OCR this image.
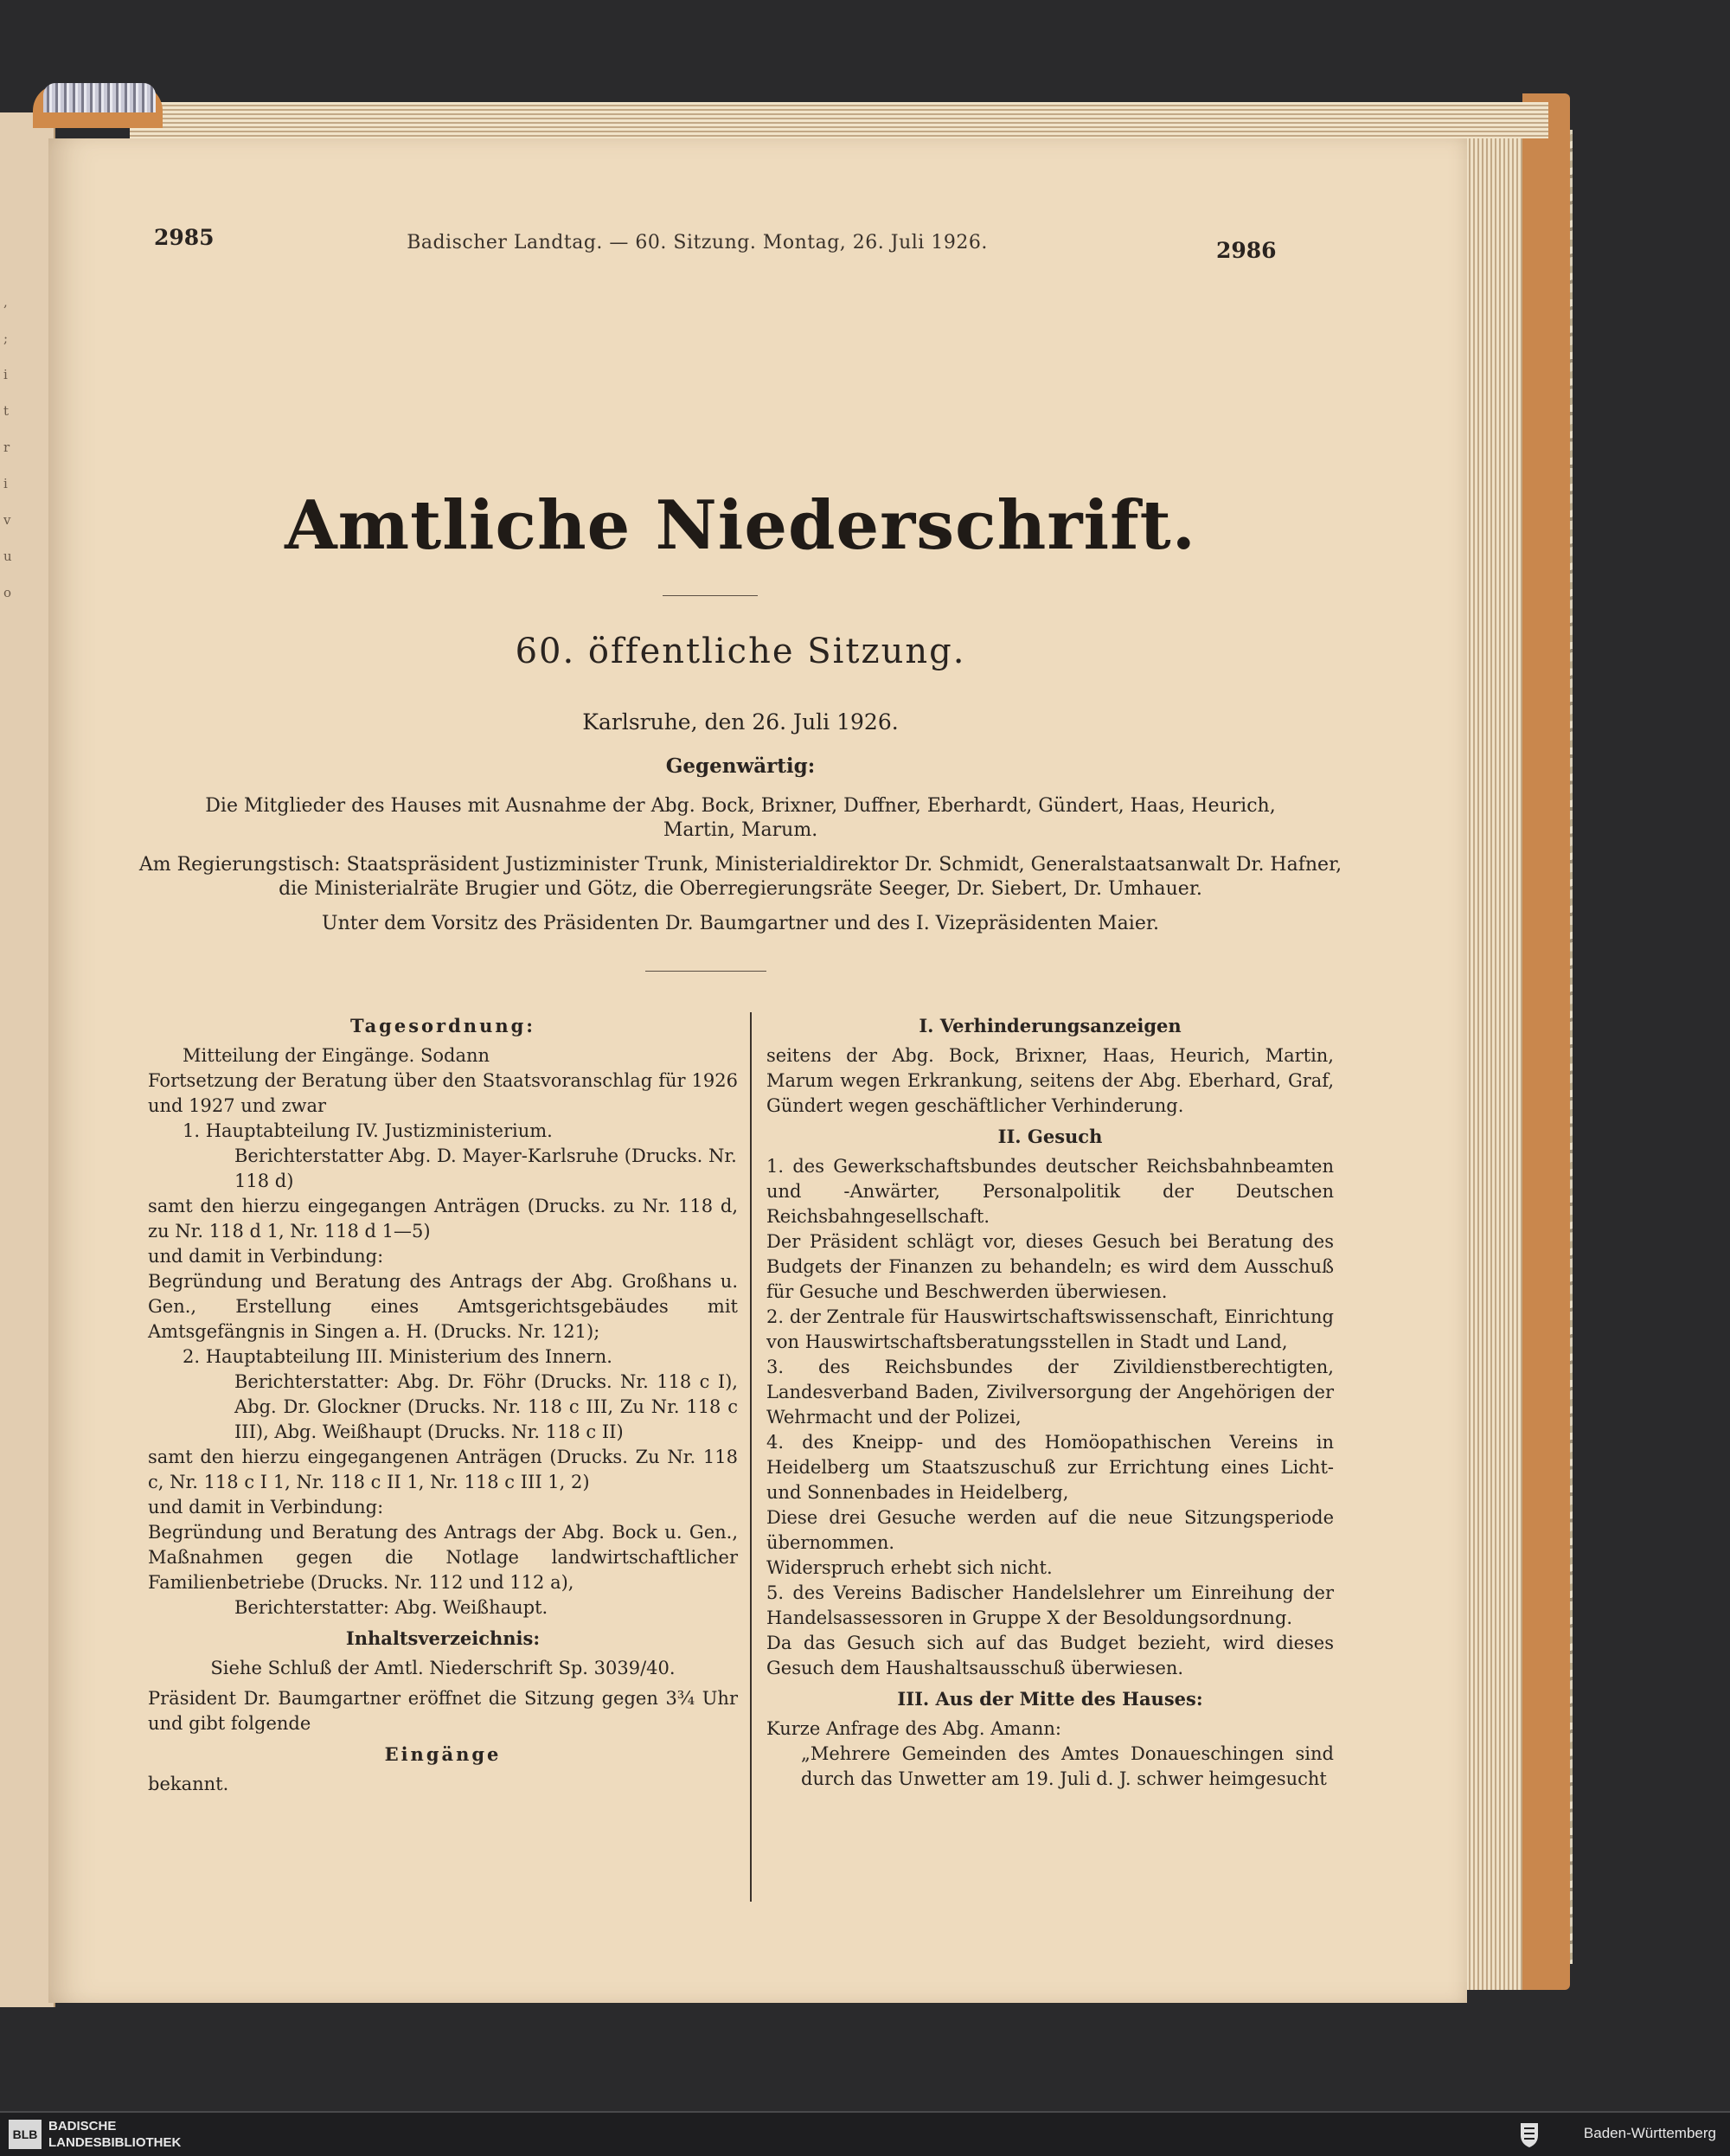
,
;
i
t
r
i
v
u
o
2985
2986
Badischer Landtag. — 60. Sitzung. Montag, 26. Juli 1926.
Amtliche Niederschrift.
60. öffentliche Sitzung.
Karlsruhe, den 26. Juli 1926.
Gegenwärtig:
Die Mitglieder des Hauses mit Ausnahme der Abg. Bock, Brixner, Duffner, Eberhardt, Gündert, Haas, Heurich,
Martin, Marum.
Am Regierungstisch: Staatspräsident Justizminister Trunk, Ministerialdirektor Dr. Schmidt, Generalstaatsanwalt Dr. Hafner,
die Ministerialräte Brugier und Götz, die Oberregierungsräte Seeger, Dr. Siebert, Dr. Umhauer.
Unter dem Vorsitz des Präsidenten Dr. Baumgartner und des I. Vizepräsidenten Maier.

Tagesordnung:

Mitteilung der Eingänge. Sodann

Fortsetzung der Beratung über den Staatsvoranschlag für 1926 und 1927 und zwar

1. Hauptabteilung IV. Justizministerium.

Berichterstatter Abg. D. Mayer-Karlsruhe (Drucks. Nr. 118 d)

samt den hierzu eingegangen Anträgen (Drucks. zu Nr. 118 d, zu Nr. 118 d 1, Nr. 118 d 1—5)

und damit in Verbindung:

Begründung und Beratung des Antrags der Abg. Großhans u. Gen., Erstellung eines Amtsgerichtsgebäudes mit Amtsgefängnis in Singen a. H. (Drucks. Nr. 121);

2. Hauptabteilung III. Ministerium des Innern.

Berichterstatter: Abg. Dr. Föhr (Drucks. Nr. 118 c I), Abg. Dr. Glockner (Drucks. Nr. 118 c III, Zu Nr. 118 c III), Abg. Weißhaupt (Drucks. Nr. 118 c II)

samt den hierzu eingegangenen Anträgen (Drucks. Zu Nr. 118 c, Nr. 118 c I 1, Nr. 118 c II 1, Nr. 118 c III 1, 2)

und damit in Verbindung:

Begründung und Beratung des Antrags der Abg. Bock u. Gen., Maßnahmen gegen die Notlage landwirtschaftlicher Familienbetriebe (Drucks. Nr. 112 und 112 a),

Berichterstatter: Abg. Weißhaupt.

Inhaltsverzeichnis:

Siehe Schluß der Amtl. Niederschrift Sp. 3039/40.

Präsident Dr. Baumgartner eröffnet die Sitzung gegen 3¾ Uhr und gibt folgende

Eingänge

bekannt.

I. Verhinderungsanzeigen

seitens der Abg. Bock, Brixner, Haas, Heurich, Martin, Marum wegen Erkrankung, seitens der Abg. Eberhard, Graf, Gündert wegen geschäftlicher Verhinderung.

II. Gesuch

1. des Gewerkschaftsbundes deutscher Reichsbahnbeamten und -Anwärter, Personalpolitik der Deutschen Reichsbahngesellschaft.

Der Präsident schlägt vor, dieses Gesuch bei Beratung des Budgets der Finanzen zu behandeln; es wird dem Ausschuß für Gesuche und Beschwerden überwiesen.

2. der Zentrale für Hauswirtschaftswissenschaft, Einrichtung von Hauswirtschaftsberatungsstellen in Stadt und Land,

3. des Reichsbundes der Zivildienstberechtigten, Landesverband Baden, Zivilversorgung der Angehörigen der Wehrmacht und der Polizei,

4. des Kneipp- und des Homöopathischen Vereins in Heidelberg um Staatszuschuß zur Errichtung eines Licht- und Sonnenbades in Heidelberg,

Diese drei Gesuche werden auf die neue Sitzungsperiode übernommen.

Widerspruch erhebt sich nicht.

5. des Vereins Badischer Handelslehrer um Einreihung der Handelsassessoren in Gruppe X der Besoldungsordnung.

Da das Gesuch sich auf das Budget bezieht, wird dieses Gesuch dem Haushaltsausschuß überwiesen.

III. Aus der Mitte des Hauses:

Kurze Anfrage des Abg. Amann:

„Mehrere Gemeinden des Amtes Donaueschingen sind durch das Unwetter am 19. Juli d. J. schwer heimgesucht

BLB
BADISCHE
LANDESBIBLIOTHEK
Baden-Württemberg
